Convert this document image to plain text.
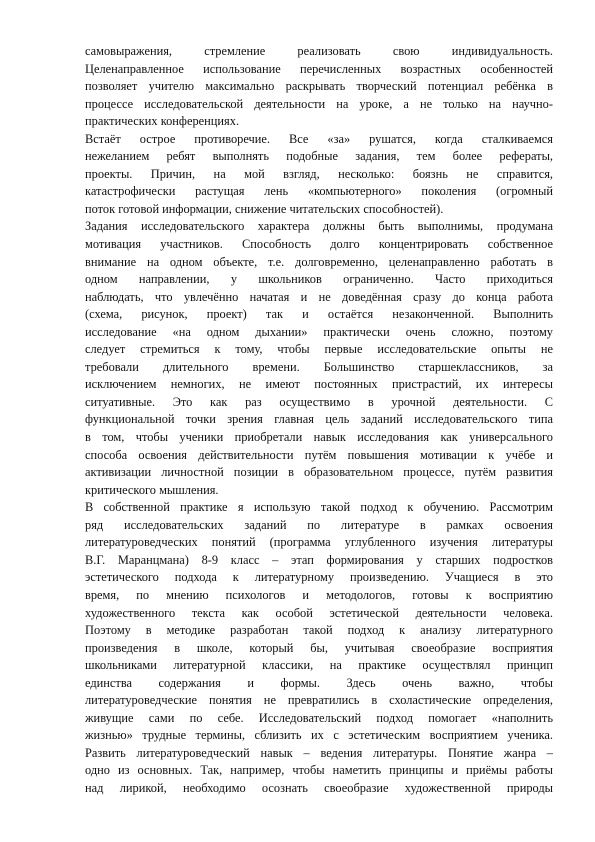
самовыражения, стремление реализовать свою индивидуальность.
Целенаправленное использование перечисленных возрастных особенностей
позволяет учителю максимально раскрывать творческий потенциал ребёнка в
процессе исследовательской деятельности на уроке, а не только на научно-
практических конференциях.
Встаёт острое противоречие. Все «за» рушатся, когда сталкиваемся
нежеланием ребят выполнять подобные задания, тем более рефераты,
проекты. Причин, на мой взгляд, несколько: боязнь не справится,
катастрофически растущая лень «компьютерного» поколения (огромный
поток готовой информации, снижение читательских способностей).
Задания исследовательского характера должны быть выполнимы, продумана
мотивация участников. Способность долго концентрировать собственное
внимание на одном объекте, т.е. долговременно, целенаправленно работать в
одном направлении, у школьников ограниченно. Часто приходиться
наблюдать, что увлечённо начатая и не доведённая сразу до конца работа
(схема, рисунок, проект) так и остаётся незаконченной. Выполнить
исследование «на одном дыхании» практически очень сложно, поэтому
следует стремиться к тому, чтобы первые исследовательские опыты не
требовали длительного времени. Большинство старшеклассников, за
исключением немногих, не имеют постоянных пристрастий, их интересы
ситуативные. Это как раз осуществимо в урочной деятельности. С
функциональной точки зрения главная цель заданий исследовательского типа
в том, чтобы ученики приобретали навык исследования как универсального
способа освоения действительности путём повышения мотивации к учёбе и
активизации личностной позиции в образовательном процессе, путём развития
критического мышления.
В собственной практике я использую такой подход к обучению. Рассмотрим
ряд исследовательских заданий по литературе в рамках освоения
литературоведческих понятий (программа углубленного изучения литературы
В.Г. Маранцмана) 8-9 класс – этап формирования у старших подростков
эстетического подхода к литературному произведению. Учащиеся в это
время, по мнению психологов и методологов, готовы к восприятию
художественного текста как особой эстетической деятельности человека.
Поэтому в методике разработан такой подход к анализу литературного
произведения в школе, который бы, учитывая своеобразие восприятия
школьниками литературной классики, на практике осуществлял принцип
единства содержания и формы. Здесь очень важно, чтобы
литературоведческие понятия не превратились в схоластические определения,
живущие сами по себе. Исследовательский подход помогает «наполнить
жизнью» трудные термины, сблизить их с эстетическим восприятием ученика.
Развить литературоведческий навык – ведения литературы. Понятие жанра –
одно из основных. Так, например, чтобы наметить принципы и приёмы работы
над лирикой, необходимо осознать своеобразие художественной природы
